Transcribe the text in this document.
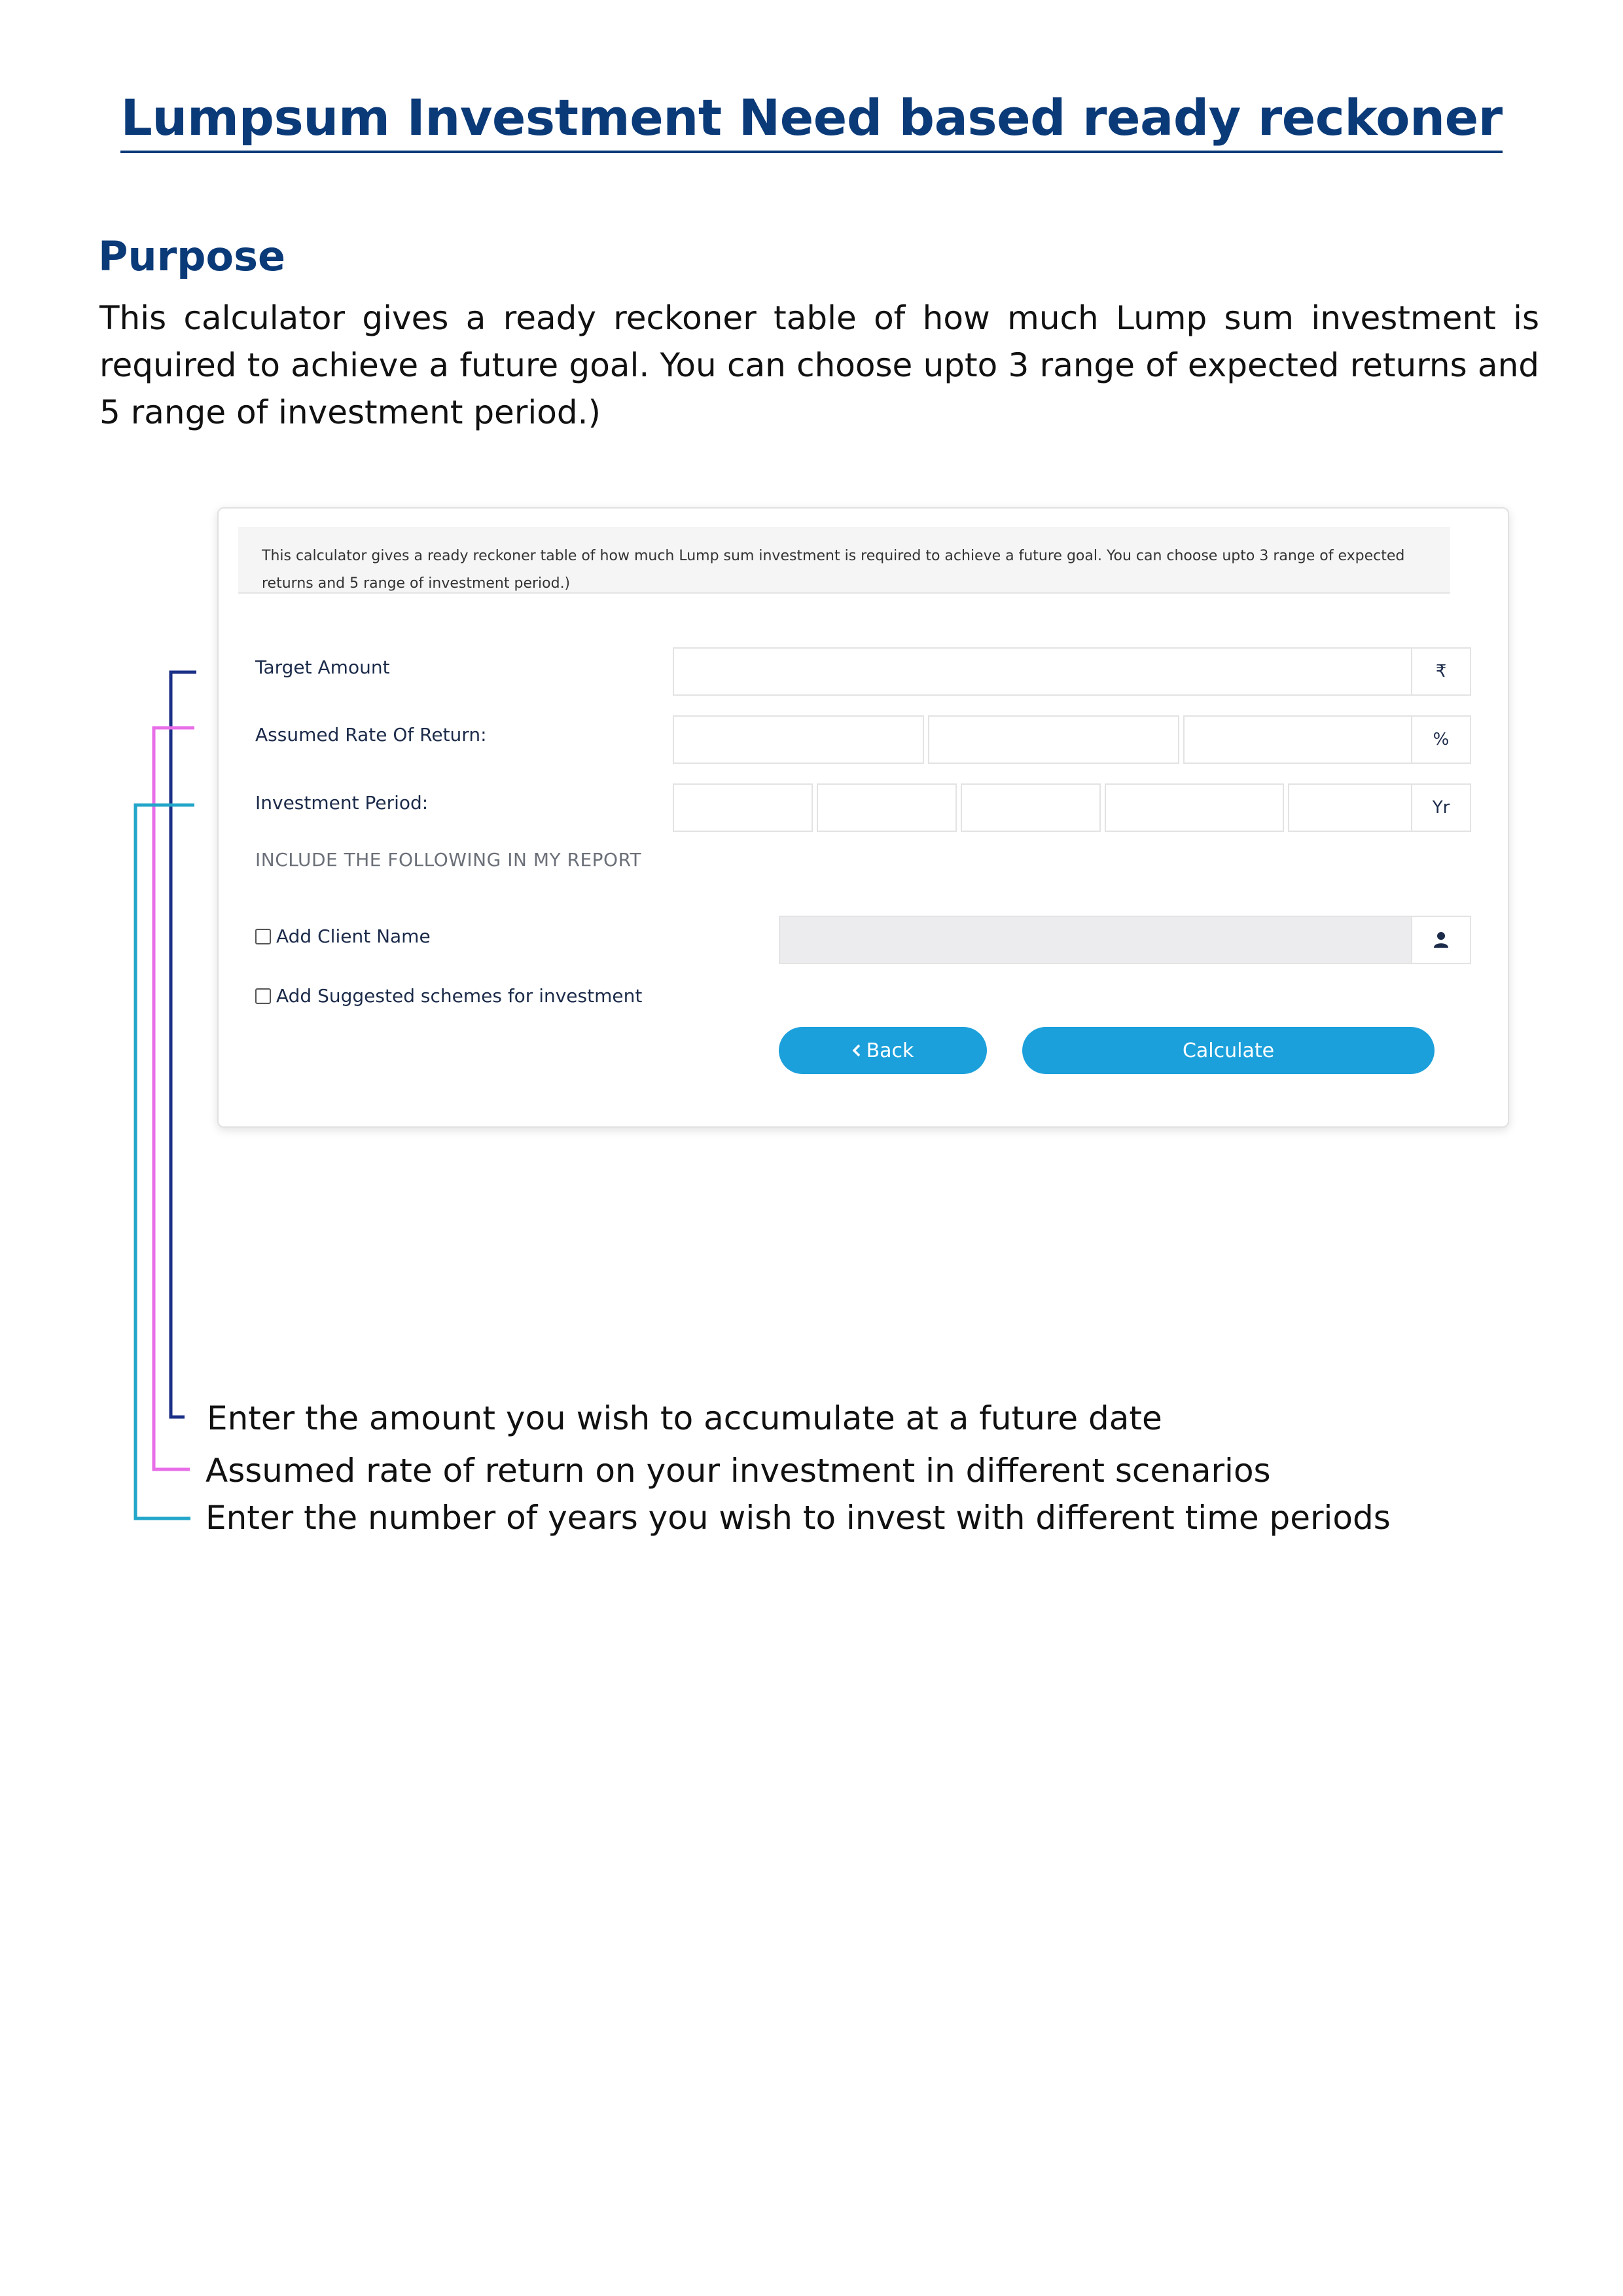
Lumpsum Investment Need based ready reckoner
Purpose
This calculator gives a ready reckoner table of how much Lump sum investment is required to achieve a future goal. You can choose upto 3 range of expected returns and 5 range of investment period.)
This calculator gives a ready reckoner table of how much Lump sum investment is required to achieve a future goal. You can choose upto 3 range of expected returns and 5 range of investment period.)
Target Amount	₹
Assumed Rate Of Return:	%
Investment Period:	Yr
INCLUDE THE FOLLOWING IN MY REPORT
Add Client Name
Add Suggested schemes for investment
Back	Calculate
Enter the amount you wish to accumulate at a future date
Assumed rate of return on your investment in different scenarios
Enter the number of years you wish to invest with different time periods
